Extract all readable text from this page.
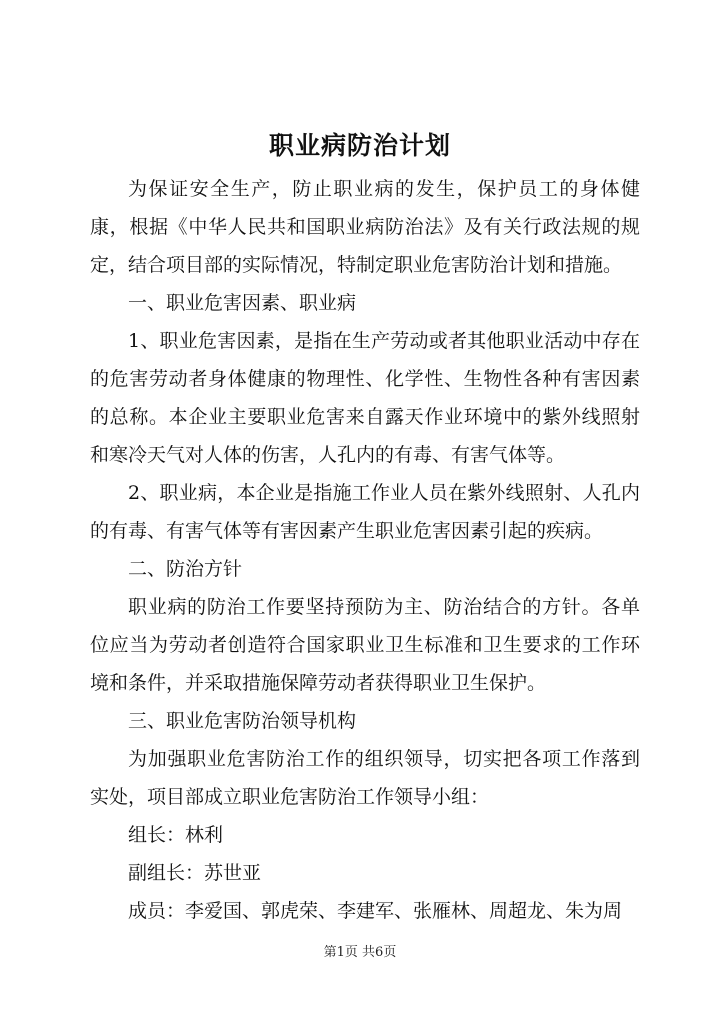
职业病防治计划

为保证安全生产，防止职业病的发生，保护员工的身体健康，根据《中华人民共和国职业病防治法》及有关行政法规的规定，结合项目部的实际情况，特制定职业危害防治计划和措施。

一、职业危害因素、职业病

1、职业危害因素，是指在生产劳动或者其他职业活动中存在的危害劳动者身体健康的物理性、化学性、生物性各种有害因素的总称。本企业主要职业危害来自露天作业环境中的紫外线照射和寒冷天气对人体的伤害，人孔内的有毒、有害气体等。

2、职业病，本企业是指施工作业人员在紫外线照射、人孔内的有毒、有害气体等有害因素产生职业危害因素引起的疾病。

二、防治方针

职业病的防治工作要坚持预防为主、防治结合的方针。各单位应当为劳动者创造符合国家职业卫生标准和卫生要求的工作环境和条件，并采取措施保障劳动者获得职业卫生保护。

三、职业危害防治领导机构

为加强职业危害防治工作的组织领导，切实把各项工作落到实处，项目部成立职业危害防治工作领导小组：

组长：林利

副组长：苏世亚

成员：李爱国、郭虎荣、李建军、张雁林、周超龙、朱为周

第1页 共6页
